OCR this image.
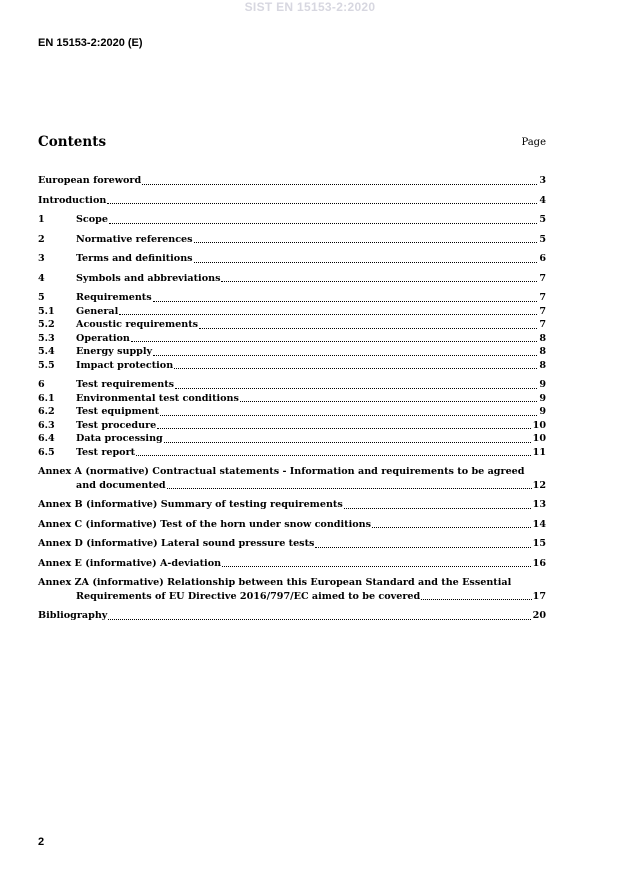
SIST EN 15153-2:2020
EN 15153-2:2020 (E)
Contents	Page
European foreword	3
Introduction	4
1	Scope	5
2	Normative references	5
3	Terms and definitions	6
4	Symbols and abbreviations	7
5	Requirements	7
5.1	General	7
5.2	Acoustic requirements	7
5.3	Operation	8
5.4	Energy supply	8
5.5	Impact protection	8
6	Test requirements	9
6.1	Environmental test conditions	9
6.2	Test equipment	9
6.3	Test procedure	10
6.4	Data processing	10
6.5	Test report	11
Annex A (normative) Contractual statements - Information and requirements to be agreed
and documented	12
Annex B (informative) Summary of testing requirements	13
Annex C (informative) Test of the horn under snow conditions	14
Annex D (informative) Lateral sound pressure tests	15
Annex E (informative) A-deviation	16
Annex ZA (informative) Relationship between this European Standard and the Essential
Requirements of EU Directive 2016/797/EC aimed to be covered	17
Bibliography	20
2
